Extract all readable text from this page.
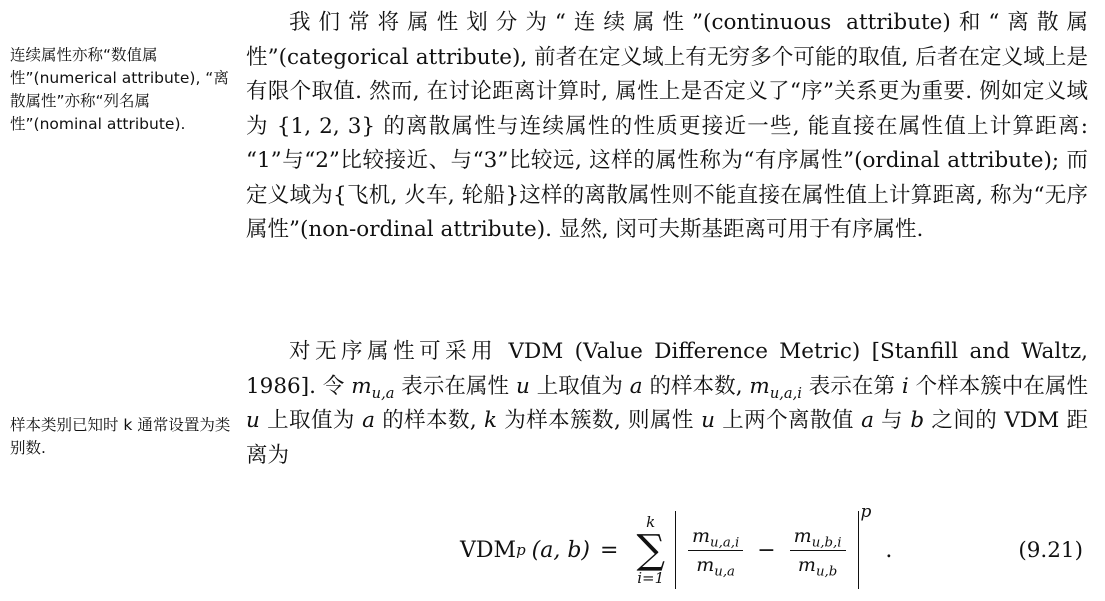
连续属性亦称“数值属性”(numerical attribute), “离散属性”亦称“列名属性”(nominal attribute).

样本类别已知时 k 通常设置为类别数.

我们常将属性划分为“连续属性”(continuous attribute)和“离散属性”(categorical attribute), 前者在定义域上有无穷多个可能的取值, 后者在定义域上是有限个取值. 然而, 在讨论距离计算时, 属性上是否定义了“序”关系更为重要. 例如定义域为 {1, 2, 3} 的离散属性与连续属性的性质更接近一些, 能直接在属性值上计算距离: “1”与“2”比较接近、与“3”比较远, 这样的属性称为“有序属性”(ordinal attribute); 而定义域为{飞机, 火车, 轮船}这样的离散属性则不能直接在属性值上计算距离, 称为“无序属性”(non-ordinal attribute). 显然, 闵可夫斯基距离可用于有序属性.

对无序属性可采用 VDM (Value Difference Metric) [Stanfill and Waltz, 1986]. 令 $m_{u,a}$ 表示在属性 u 上取值为 a 的样本数, $m_{u,a,i}$ 表示在第 i 个样本簇中在属性 u 上取值为 a 的样本数, k 为样本簇数, 则属性 u 上两个离散值 a 与 b 之间的 VDM 距离为

VDM p (a, b) =
k
∑
i=1
$\frac{m_{u,a,i}}{m_{u,a}} - \frac{m_{u,b,i}}{m_{u,b}}$
p
.	(9.21)
